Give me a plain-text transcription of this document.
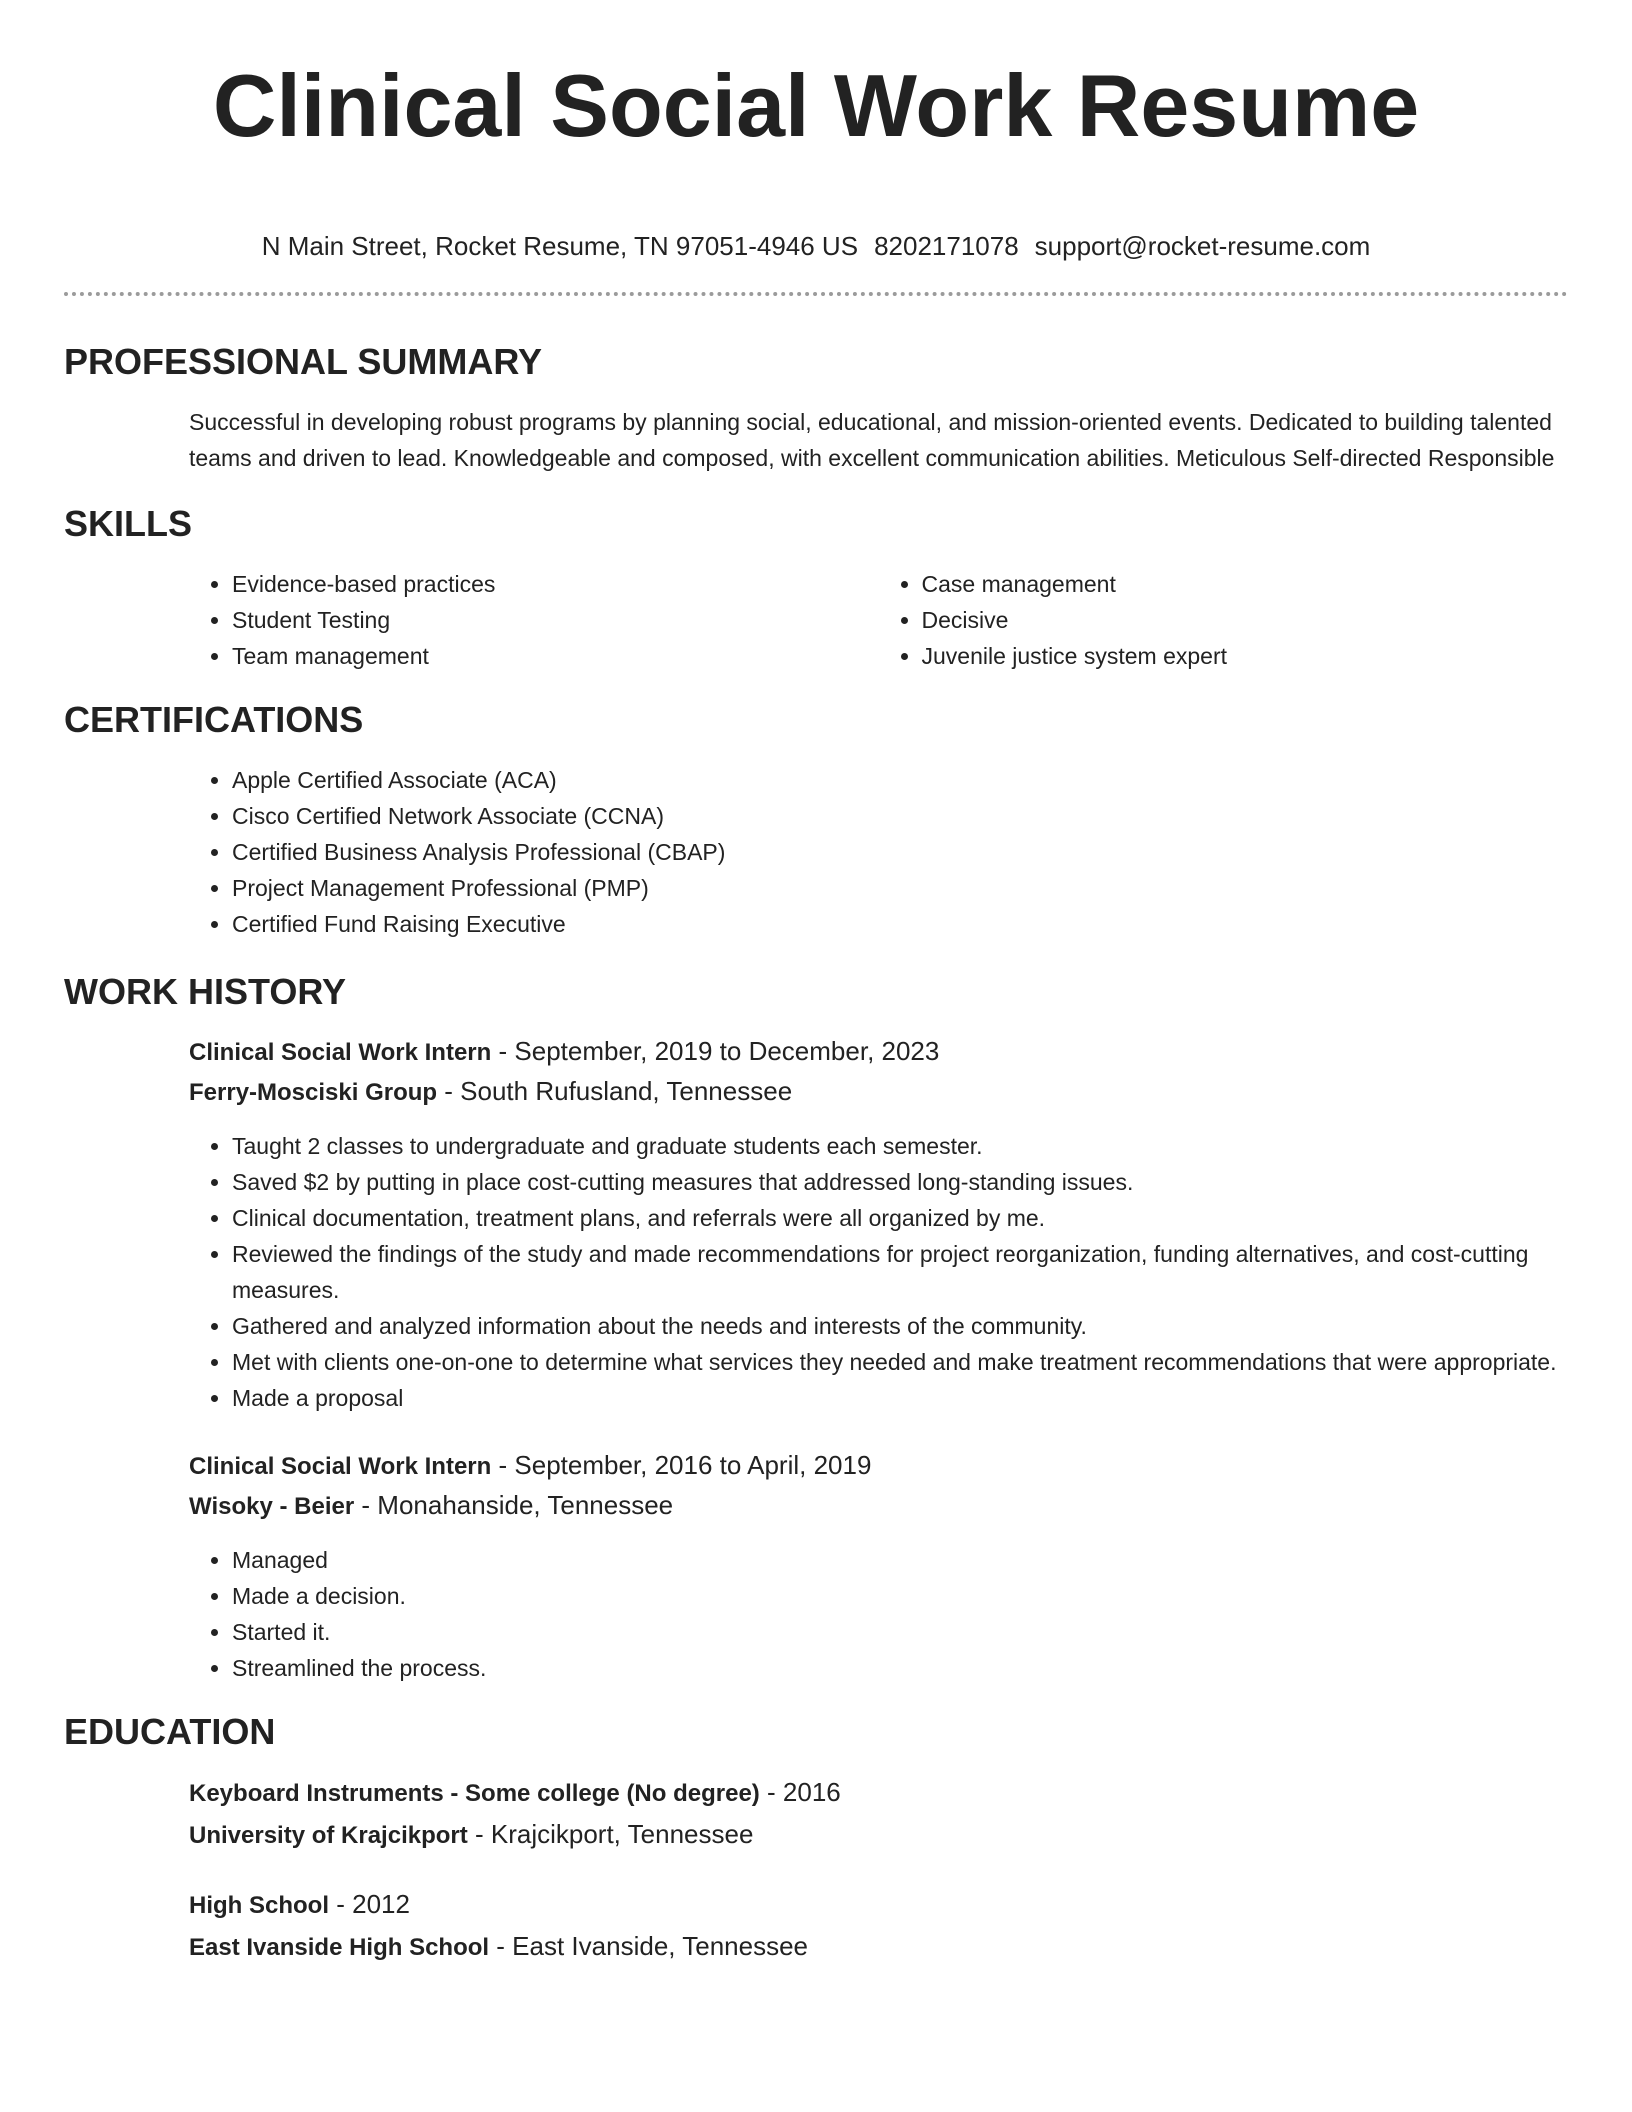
Clinical Social Work Resume
N Main Street, Rocket Resume, TN 97051-4946 US 8202171078 support@rocket-resume.com
PROFESSIONAL SUMMARY

Successful in developing robust programs by planning social, educational, and mission-oriented events. Dedicated to building talented teams and driven to lead. Knowledgeable and composed, with excellent communication abilities. Meticulous Self-directed Responsible

SKILLS
• Evidence-based practices
• Student Testing
• Team management
• Case management
• Decisive
• Juvenile justice system expert
CERTIFICATIONS
• Apple Certified Associate (ACA)
• Cisco Certified Network Associate (CCNA)
• Certified Business Analysis Professional (CBAP)
• Project Management Professional (PMP)
• Certified Fund Raising Executive
WORK HISTORY
Clinical Social Work Intern - September, 2019 to December, 2023
Ferry-Mosciski Group - South Rufusland, Tennessee
• Taught 2 classes to undergraduate and graduate students each semester.
• Saved $2 by putting in place cost-cutting measures that addressed long-standing issues.
• Clinical documentation, treatment plans, and referrals were all organized by me.
• Reviewed the findings of the study and made recommendations for project reorganization, funding alternatives, and cost-cutting measures.
• Gathered and analyzed information about the needs and interests of the community.
• Met with clients one-on-one to determine what services they needed and make treatment recommendations that were appropriate.
• Made a proposal
Clinical Social Work Intern - September, 2016 to April, 2019
Wisoky - Beier - Monahanside, Tennessee
• Managed
• Made a decision.
• Started it.
• Streamlined the process.
EDUCATION
Keyboard Instruments - Some college (No degree) - 2016
University of Krajcikport - Krajcikport, Tennessee
High School - 2012
East Ivanside High School - East Ivanside, Tennessee
